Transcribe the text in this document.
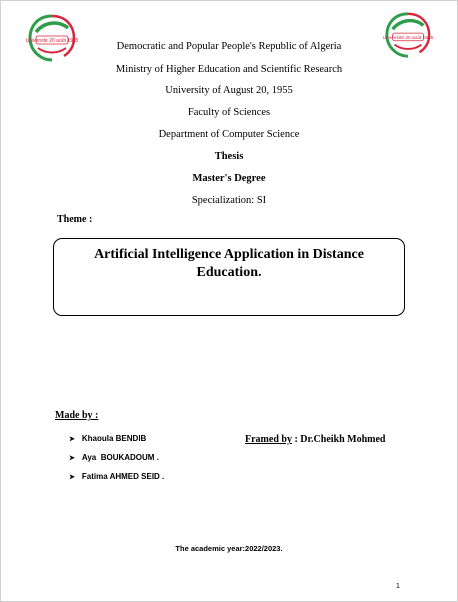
Université 20 août 1955	Université 20 août 1955
Democratic and Popular People's Republic of Algeria
Ministry of Higher Education and Scientific Research
University of August 20, 1955
Faculty of Sciences
Department of Computer Science
Thesis
Master's Degree
Specialization: SI
Theme :
Artificial Intelligence Application in Distance Education.
Made by :
➤ Khaoula BENDIB
➤ Aya  BOUKADOUM .
➤ Fatima AHMED SEID .
Framed by : Dr.Cheikh Mohmed
The academic year:2022/2023.
1
